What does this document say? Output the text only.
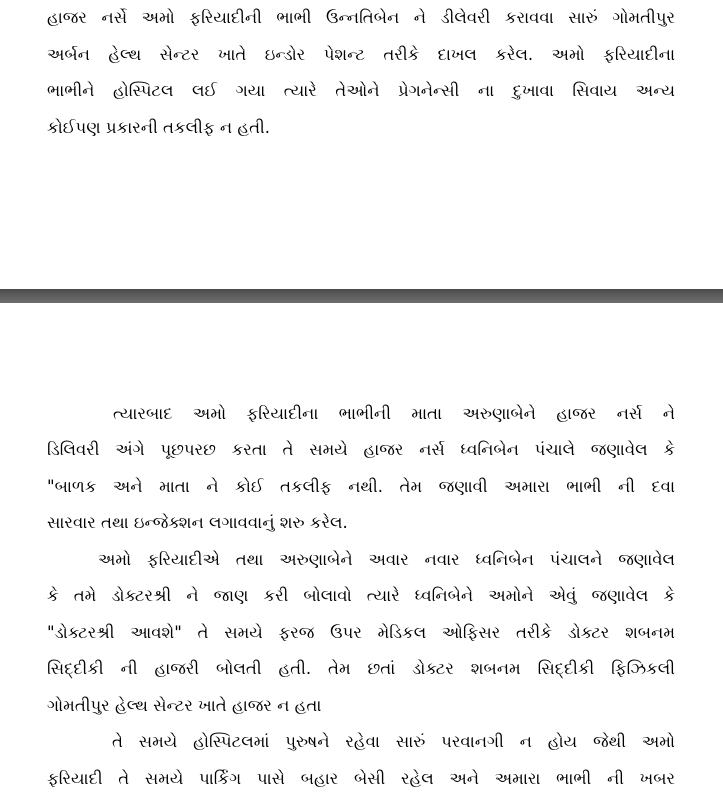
હાજર નર્સે અમો ફરિયાદીની ભાભી ઉન્નતિબેન ને ડીલેવરી કરાવવા સારું ગોમતીપુર
અર્બન હેલ્થ સેન્ટર ખાતે ઇન્ડોર પેશન્ટ તરીકે દાખલ કરેલ. અમો ફરિયાદીના
ભાભીને હોસ્પિટલ લઈ ગયા ત્યારે તેઓને પ્રેગનેન્સી ના દુખાવા સિવાય અન્ય
કોઈપણ પ્રકારની તકલીફ ન હતી.
ત્યારબાદ અમો ફરિયાદીના ભાભીની માતા અરુણાબેને હાજર નર્સ ને
ડિલિવરી અંગે પૂછપરછ કરતા તે સમયે હાજર નર્સ ધ્વનિબેન પંચાલે જણાવેલ કે
"બાળક અને માતા ને કોઈ તકલીફ નથી. તેમ જણાવી અમારા ભાભી ની દવા
સારવાર તથા ઇન્જેક્શન લગાવવાનું શરુ કરેલ.
અમો ફરિયાદીએ તથા અરુણાબેને અવાર નવાર ધ્વનિબેન પંચાલને જણાવેલ
કે તમે ડોક્ટરશ્રી ને જાણ કરી બોલાવો ત્યારે ધ્વનિબેને અમોને એવું જણાવેલ કે
"ડોક્ટરશ્રી આવશે" તે સમયે ફરજ ઉપર મેડિકલ ઓફિસર તરીકે ડોક્ટર શબનમ
સિદ્દીકી ની હાજરી બોલતી હતી. તેમ છતાં ડોક્ટર શબનમ સિદ્દીકી ફિઝિકલી
ગોમતીપુર હેલ્થ સેન્ટર ખાતે હાજર ન હતા
તે સમયે હોસ્પિટલમાં પુરુષને રહેવા સારું પરવાનગી ન હોય જેથી અમો
ફરિયાદી તે સમયે પાર્કિંગ પાસે બહાર બેસી રહેલ અને અમારા ભાભી ની ખબર
